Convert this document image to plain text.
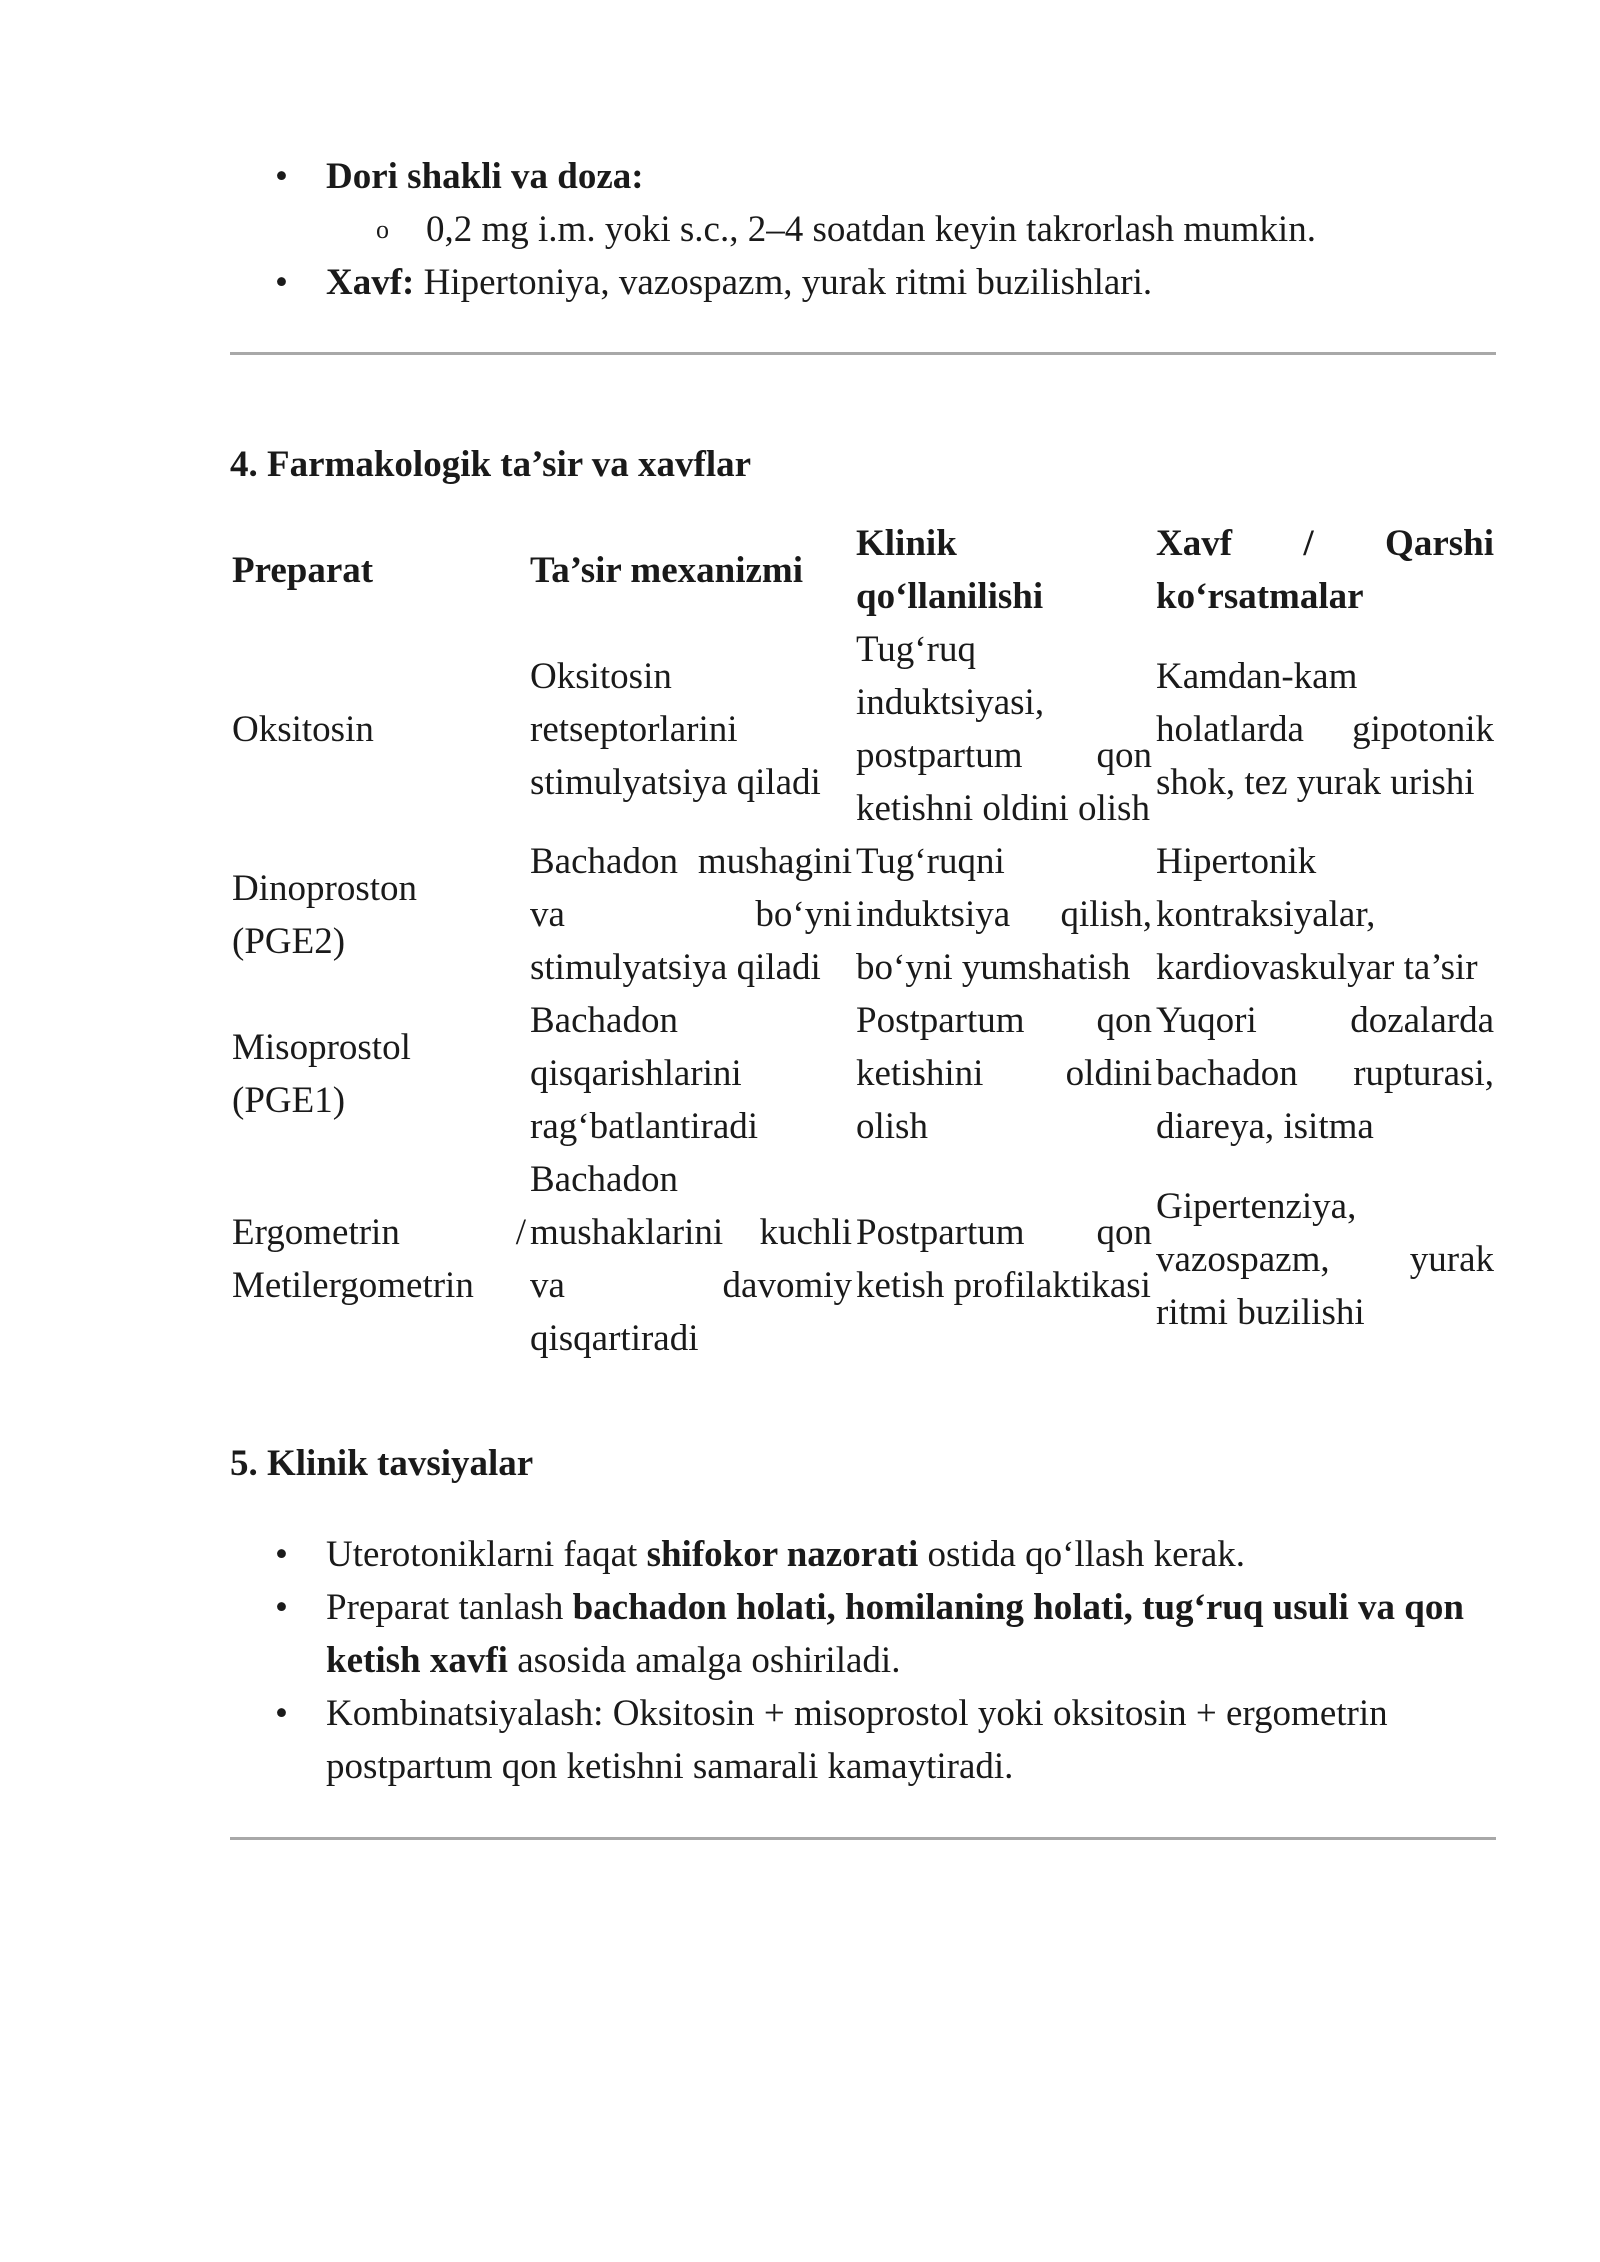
• Dori shakli va doza:
o 0,2 mg i.m. yoki s.c., 2–4 soatdan keyin takrorlash mumkin.
• Xavf: Hipertoniya, vazospazm, yurak ritmi buzilishlari.
4. Farmakologik ta’sir va xavflar
Preparat	Ta’sir mexanizmi	Klinik qo‘llanilishi	Xavf / Qarshi ko‘rsatmalar
Oksitosin	Oksitosin retseptorlarini stimulyatsiya qiladi	Tug‘ruq induktsiyasi, postpartum qon ketishni oldini olish	Kamdan-kam holatlarda gipotonik shok, tez yurak urishi
Dinoproston (PGE2)	Bachadon mushagini va bo‘yni stimulyatsiya qiladi	Tug‘ruqni induktsiya qilish, bo‘yni yumshatish	Hipertonik kontraksiyalar, kardiovaskulyar ta’sir
Misoprostol (PGE1)	Bachadon qisqarishlarini rag‘batlantiradi	Postpartum qon ketishini oldini olish	Yuqori dozalarda bachadon rupturasi, diareya, isitma
Ergometrin / Metilergometrin	Bachadon mushaklarini kuchli va davomiy qisqartiradi	Postpartum qon ketish profilaktikasi	Gipertenziya, vazospazm, yurak ritmi buzilishi
5. Klinik tavsiyalar
• Uterotoniklarni faqat shifokor nazorati ostida qo‘llash kerak.
• Preparat tanlash bachadon holati, homilaning holati, tug‘ruq usuli va qon ketish xavfi asosida amalga oshiriladi.
• Kombinatsiyalash: Oksitosin + misoprostol yoki oksitosin + ergometrin postpartum qon ketishni samarali kamaytiradi.
